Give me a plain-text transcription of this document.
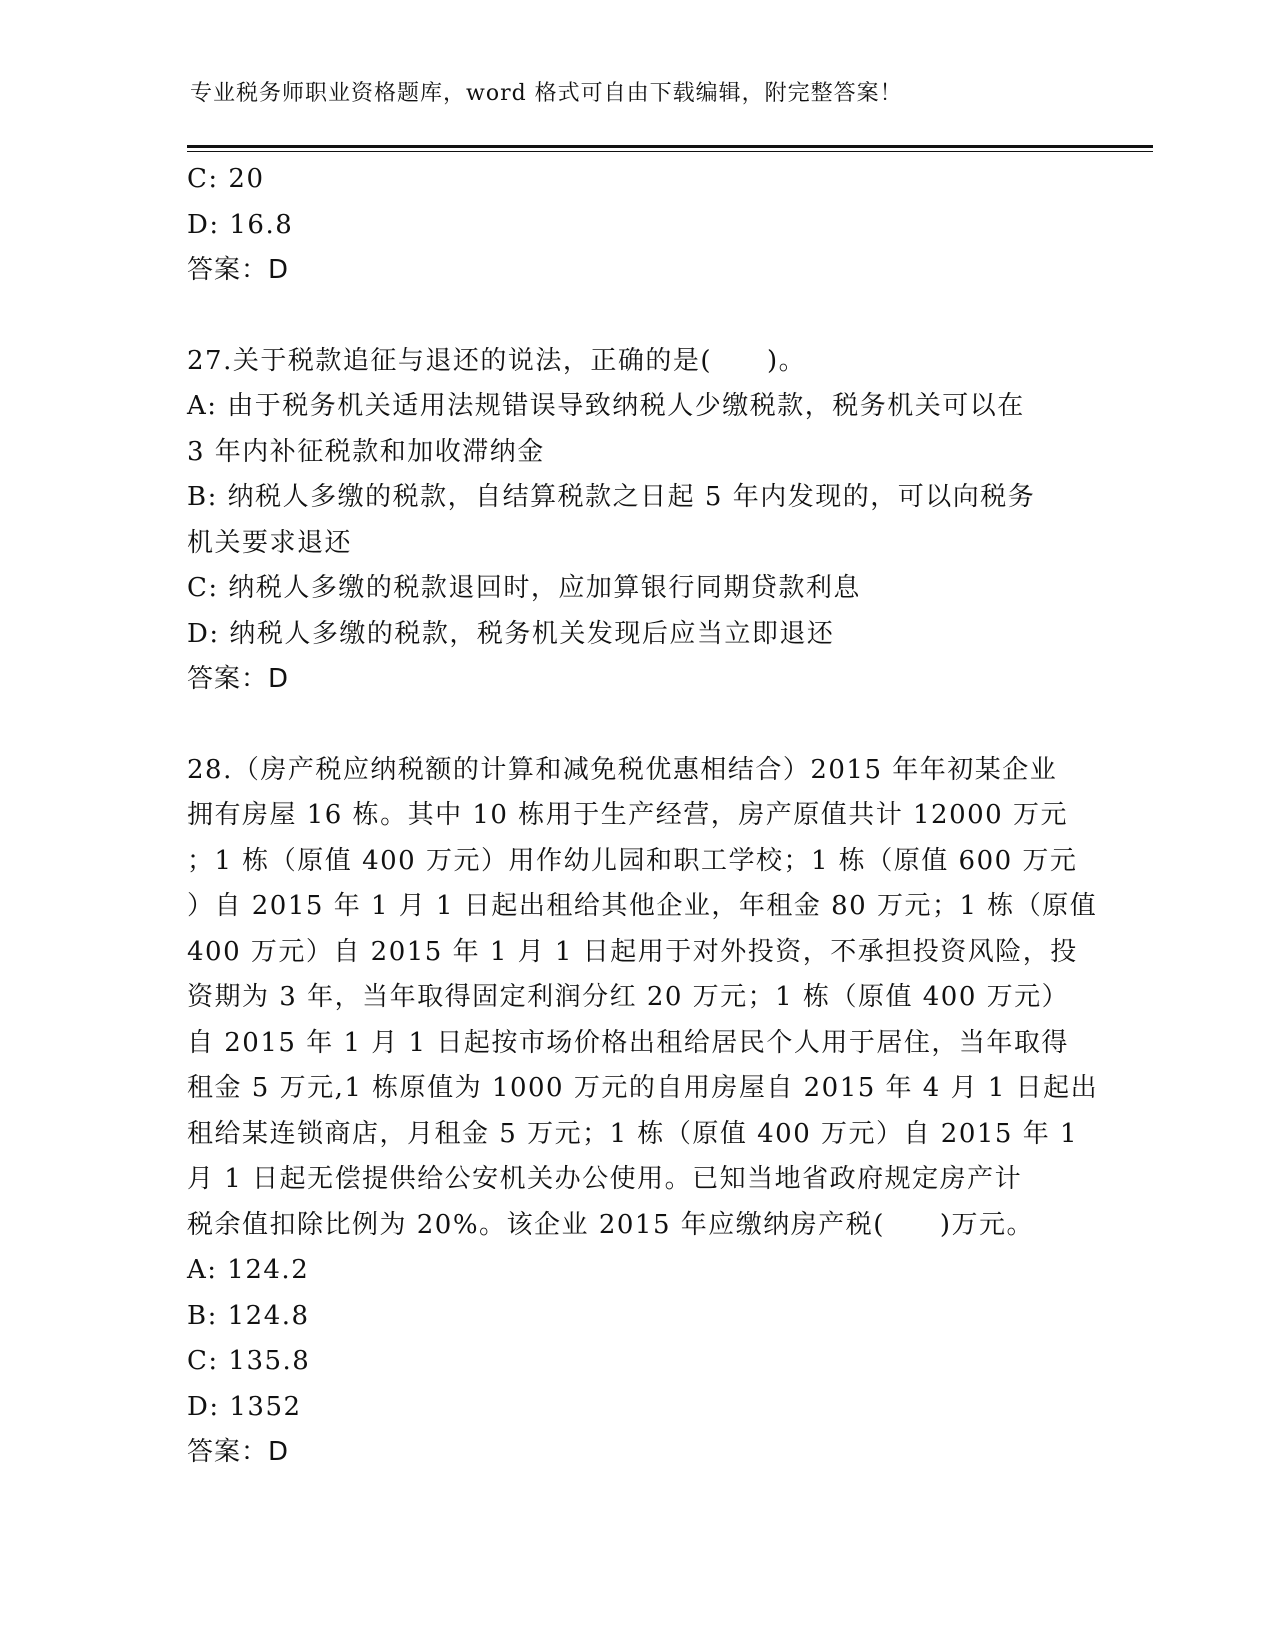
专业税务师职业资格题库，word 格式可自由下载编辑，附完整答案！
C: 20
D: 16.8
答案：D
27.关于税款追征与退还的说法，正确的是(　　)。
A: 由于税务机关适用法规错误导致纳税人少缴税款，税务机关可以在
3 年内补征税款和加收滞纳金
B: 纳税人多缴的税款，自结算税款之日起 5 年内发现的，可以向税务
机关要求退还
C: 纳税人多缴的税款退回时，应加算银行同期贷款利息
D: 纳税人多缴的税款，税务机关发现后应当立即退还
答案：D
28.（房产税应纳税额的计算和减免税优惠相结合）2015 年年初某企业
拥有房屋 16 栋。其中 10 栋用于生产经营，房产原值共计 12000 万元
；1 栋（原值 400 万元）用作幼儿园和职工学校；1 栋（原值 600 万元
）自 2015 年 1 月 1 日起出租给其他企业，年租金 80 万元；1 栋（原值
400 万元）自 2015 年 1 月 1 日起用于对外投资，不承担投资风险，投
资期为 3 年，当年取得固定利润分红 20 万元；1 栋（原值 400 万元）
自 2015 年 1 月 1 日起按市场价格出租给居民个人用于居住，当年取得
租金 5 万元,1 栋原值为 1000 万元的自用房屋自 2015 年 4 月 1 日起出
租给某连锁商店，月租金 5 万元；1 栋（原值 400 万元）自 2015 年 1
月 1 日起无偿提供给公安机关办公使用。已知当地省政府规定房产计
税余值扣除比例为 20%。该企业 2015 年应缴纳房产税(　　)万元。
A: 124.2
B: 124.8
C: 135.8
D: 1352
答案：D
